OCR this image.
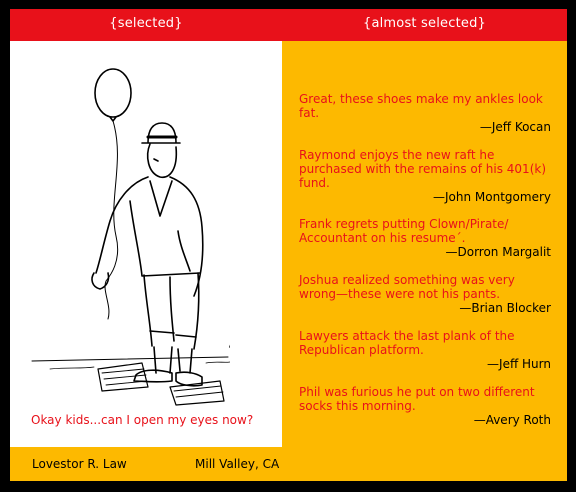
{selected}	{almost selected}
Okay kids...can I open my eyes now?
Lovestor R. Law	Mill Valley, CA
Great, these shoes make my ankles look fat.
—Jeff Kocan
Raymond enjoys the new raft he purchased with the remains of his 401(k) fund.
—John Montgomery
Frank regrets putting Clown/Pirate/ Accountant on his resume´.
—Dorron Margalit
Joshua realized something was very wrong—these were not his pants.
—Brian Blocker
Lawyers attack the last plank of the Republican platform.
—Jeff Hurn
Phil was furious he put on two different socks this morning.
—Avery Roth
